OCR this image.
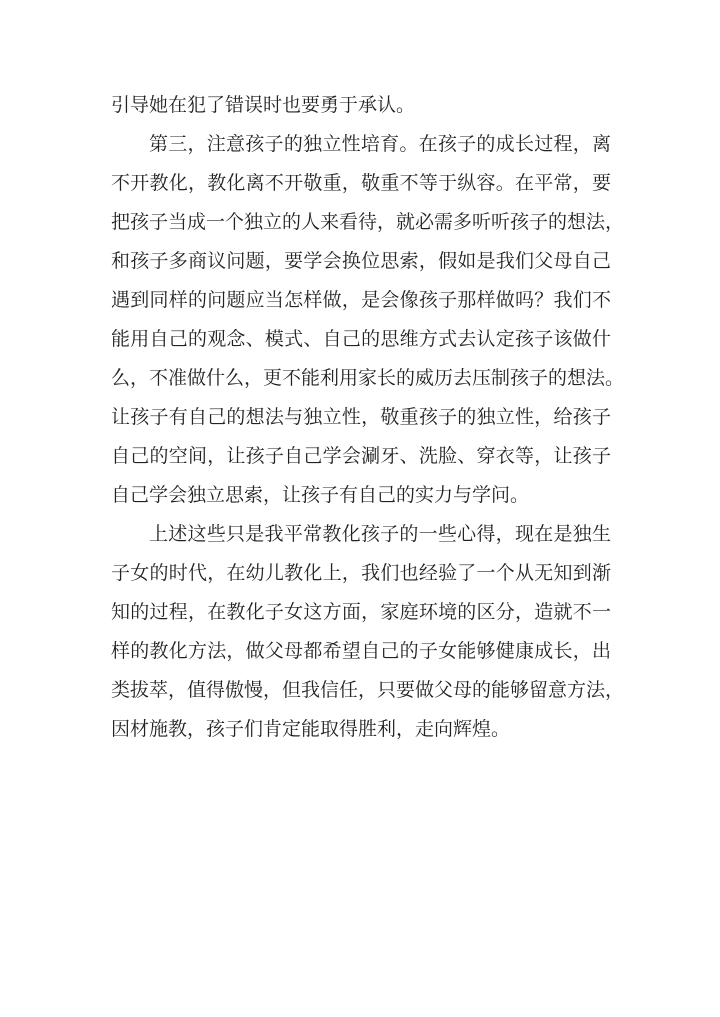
引导她在犯了错误时也要勇于承认。
第三，注意孩子的独立性培育。在孩子的成长过程，离
不开教化，教化离不开敬重，敬重不等于纵容。在平常，要
把孩子当成一个独立的人来看待，就必需多听听孩子的想法，
和孩子多商议问题，要学会换位思索，假如是我们父母自己
遇到同样的问题应当怎样做，是会像孩子那样做吗？我们不
能用自己的观念、模式、自己的思维方式去认定孩子该做什
么，不准做什么，更不能利用家长的威历去压制孩子的想法。
让孩子有自己的想法与独立性，敬重孩子的独立性，给孩子
自己的空间，让孩子自己学会涮牙、洗脸、穿衣等，让孩子
自己学会独立思索，让孩子有自己的实力与学问。
上述这些只是我平常教化孩子的一些心得，现在是独生
子女的时代，在幼儿教化上，我们也经验了一个从无知到渐
知的过程，在教化子女这方面，家庭环境的区分，造就不一
样的教化方法，做父母都希望自己的子女能够健康成长，出
类拔萃，值得傲慢，但我信任，只要做父母的能够留意方法，
因材施教，孩子们肯定能取得胜利，走向辉煌。
